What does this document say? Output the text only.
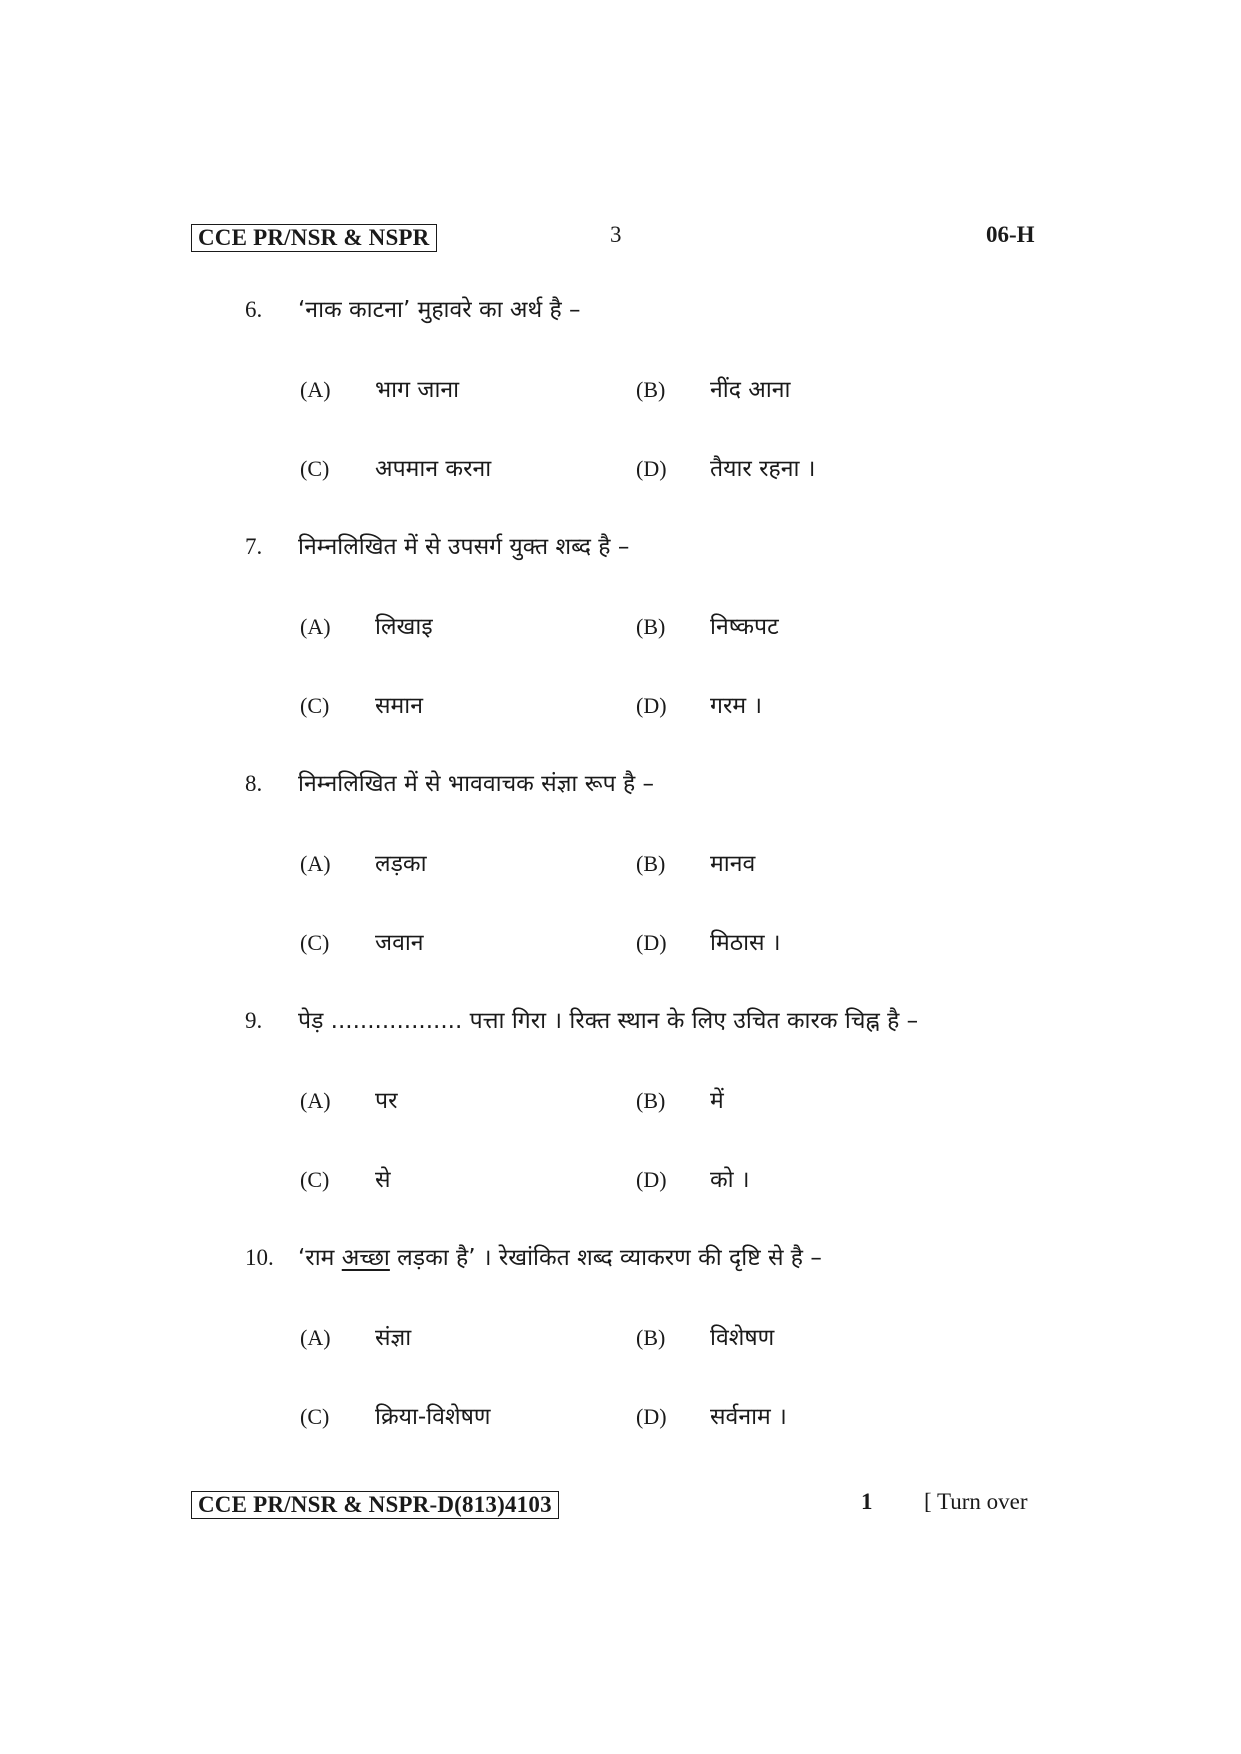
CCE PR/NSR & NSPR	3	06-H
6. ‘नाक काटना’ मुहावरे का अर्थ है –
(A) भाग जाना	(B) नींद आना
(C) अपमान करना	(D) तैयार रहना ।
7. निम्नलिखित में से उपसर्ग युक्त शब्द है –
(A) लिखाइ	(B) निष्कपट
(C) समान	(D) गरम ।
8. निम्नलिखित में से भाववाचक संज्ञा रूप है –
(A) लड़का	(B) मानव
(C) जवान	(D) मिठास ।
9. पेड़ .................. पत्ता गिरा । रिक्त स्थान के लिए उचित कारक चिह्न है –
(A) पर	(B) में
(C) से	(D) को ।
10. ‘राम अच्छा लड़का है’ । रेखांकित शब्द व्याकरण की दृष्टि से है –
(A) संज्ञा	(B) विशेषण
(C) क्रिया-विशेषण	(D) सर्वनाम ।
CCE PR/NSR & NSPR-D(813)4103	1 [ Turn over
